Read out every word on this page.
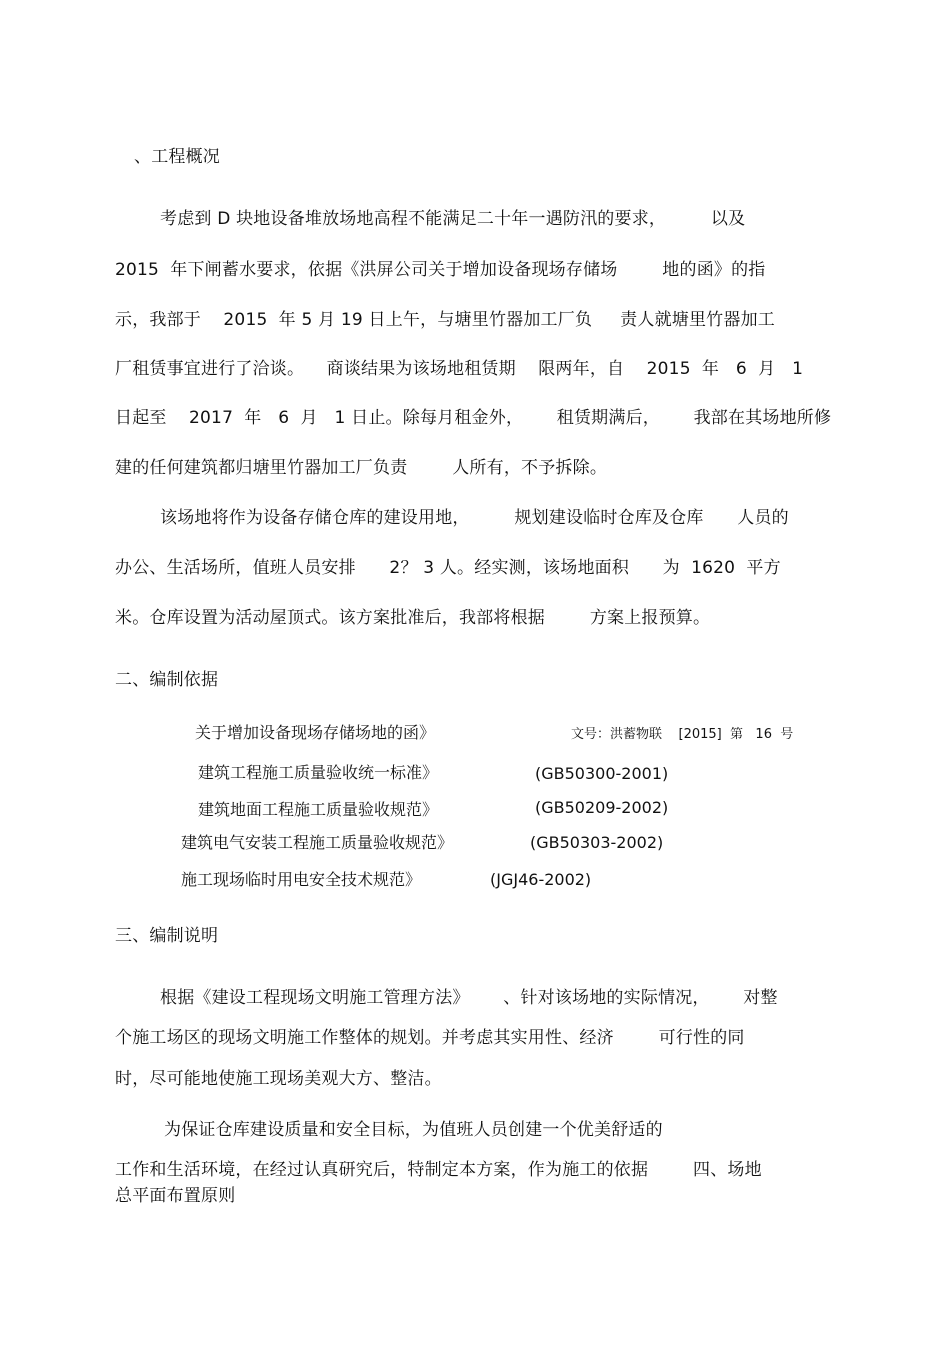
、工程概况
考虑到 D 块地设备堆放场地高程不能满足二十年一遇防汛的要求，        以及
2015  年下闸蓄水要求，依据《洪屏公司关于增加设备现场存储场        地的函》的指
示，我部于    2015  年 5 月 19 日上午，与塘里竹器加工厂负     责人就塘里竹器加工
厂租赁事宜进行了洽谈。    商谈结果为该场地租赁期    限两年，自    2015  年   6  月   1
日起至    2017  年   6  月   1 日止。除每月租金外，      租赁期满后，      我部在其场地所修
建的任何建筑都归塘里竹器加工厂负责        人所有，不予拆除。
该场地将作为设备存储仓库的建设用地，        规划建设临时仓库及仓库      人员的
办公、生活场所，值班人员安排      2？ 3 人。经实测，该场地面积      为  1620  平方
米。仓库设置为活动屋顶式。该方案批准后，我部将根据        方案上报预算。
二、编制依据
关于增加设备现场存储场地的函》	文号：洪蓄物联    [2015]  第   16  号
建筑工程施工质量验收统一标准》	(GB50300-2001)
建筑地面工程施工质量验收规范》	(GB50209-2002)
建筑电气安装工程施工质量验收规范》	(GB50303-2002)
施工现场临时用电安全技术规范》	(JGJ46-2002)
三、编制说明
根据《建设工程现场文明施工管理方法》      、针对该场地的实际情况，      对整
个施工场区的现场文明施工作整体的规划。并考虑其实用性、经济        可行性的同
时，尽可能地使施工现场美观大方、整洁。
为保证仓库建设质量和安全目标，为值班人员创建一个优美舒适的
工作和生活环境，在经过认真研究后，特制定本方案，作为施工的依据        四、场地
总平面布置原则
